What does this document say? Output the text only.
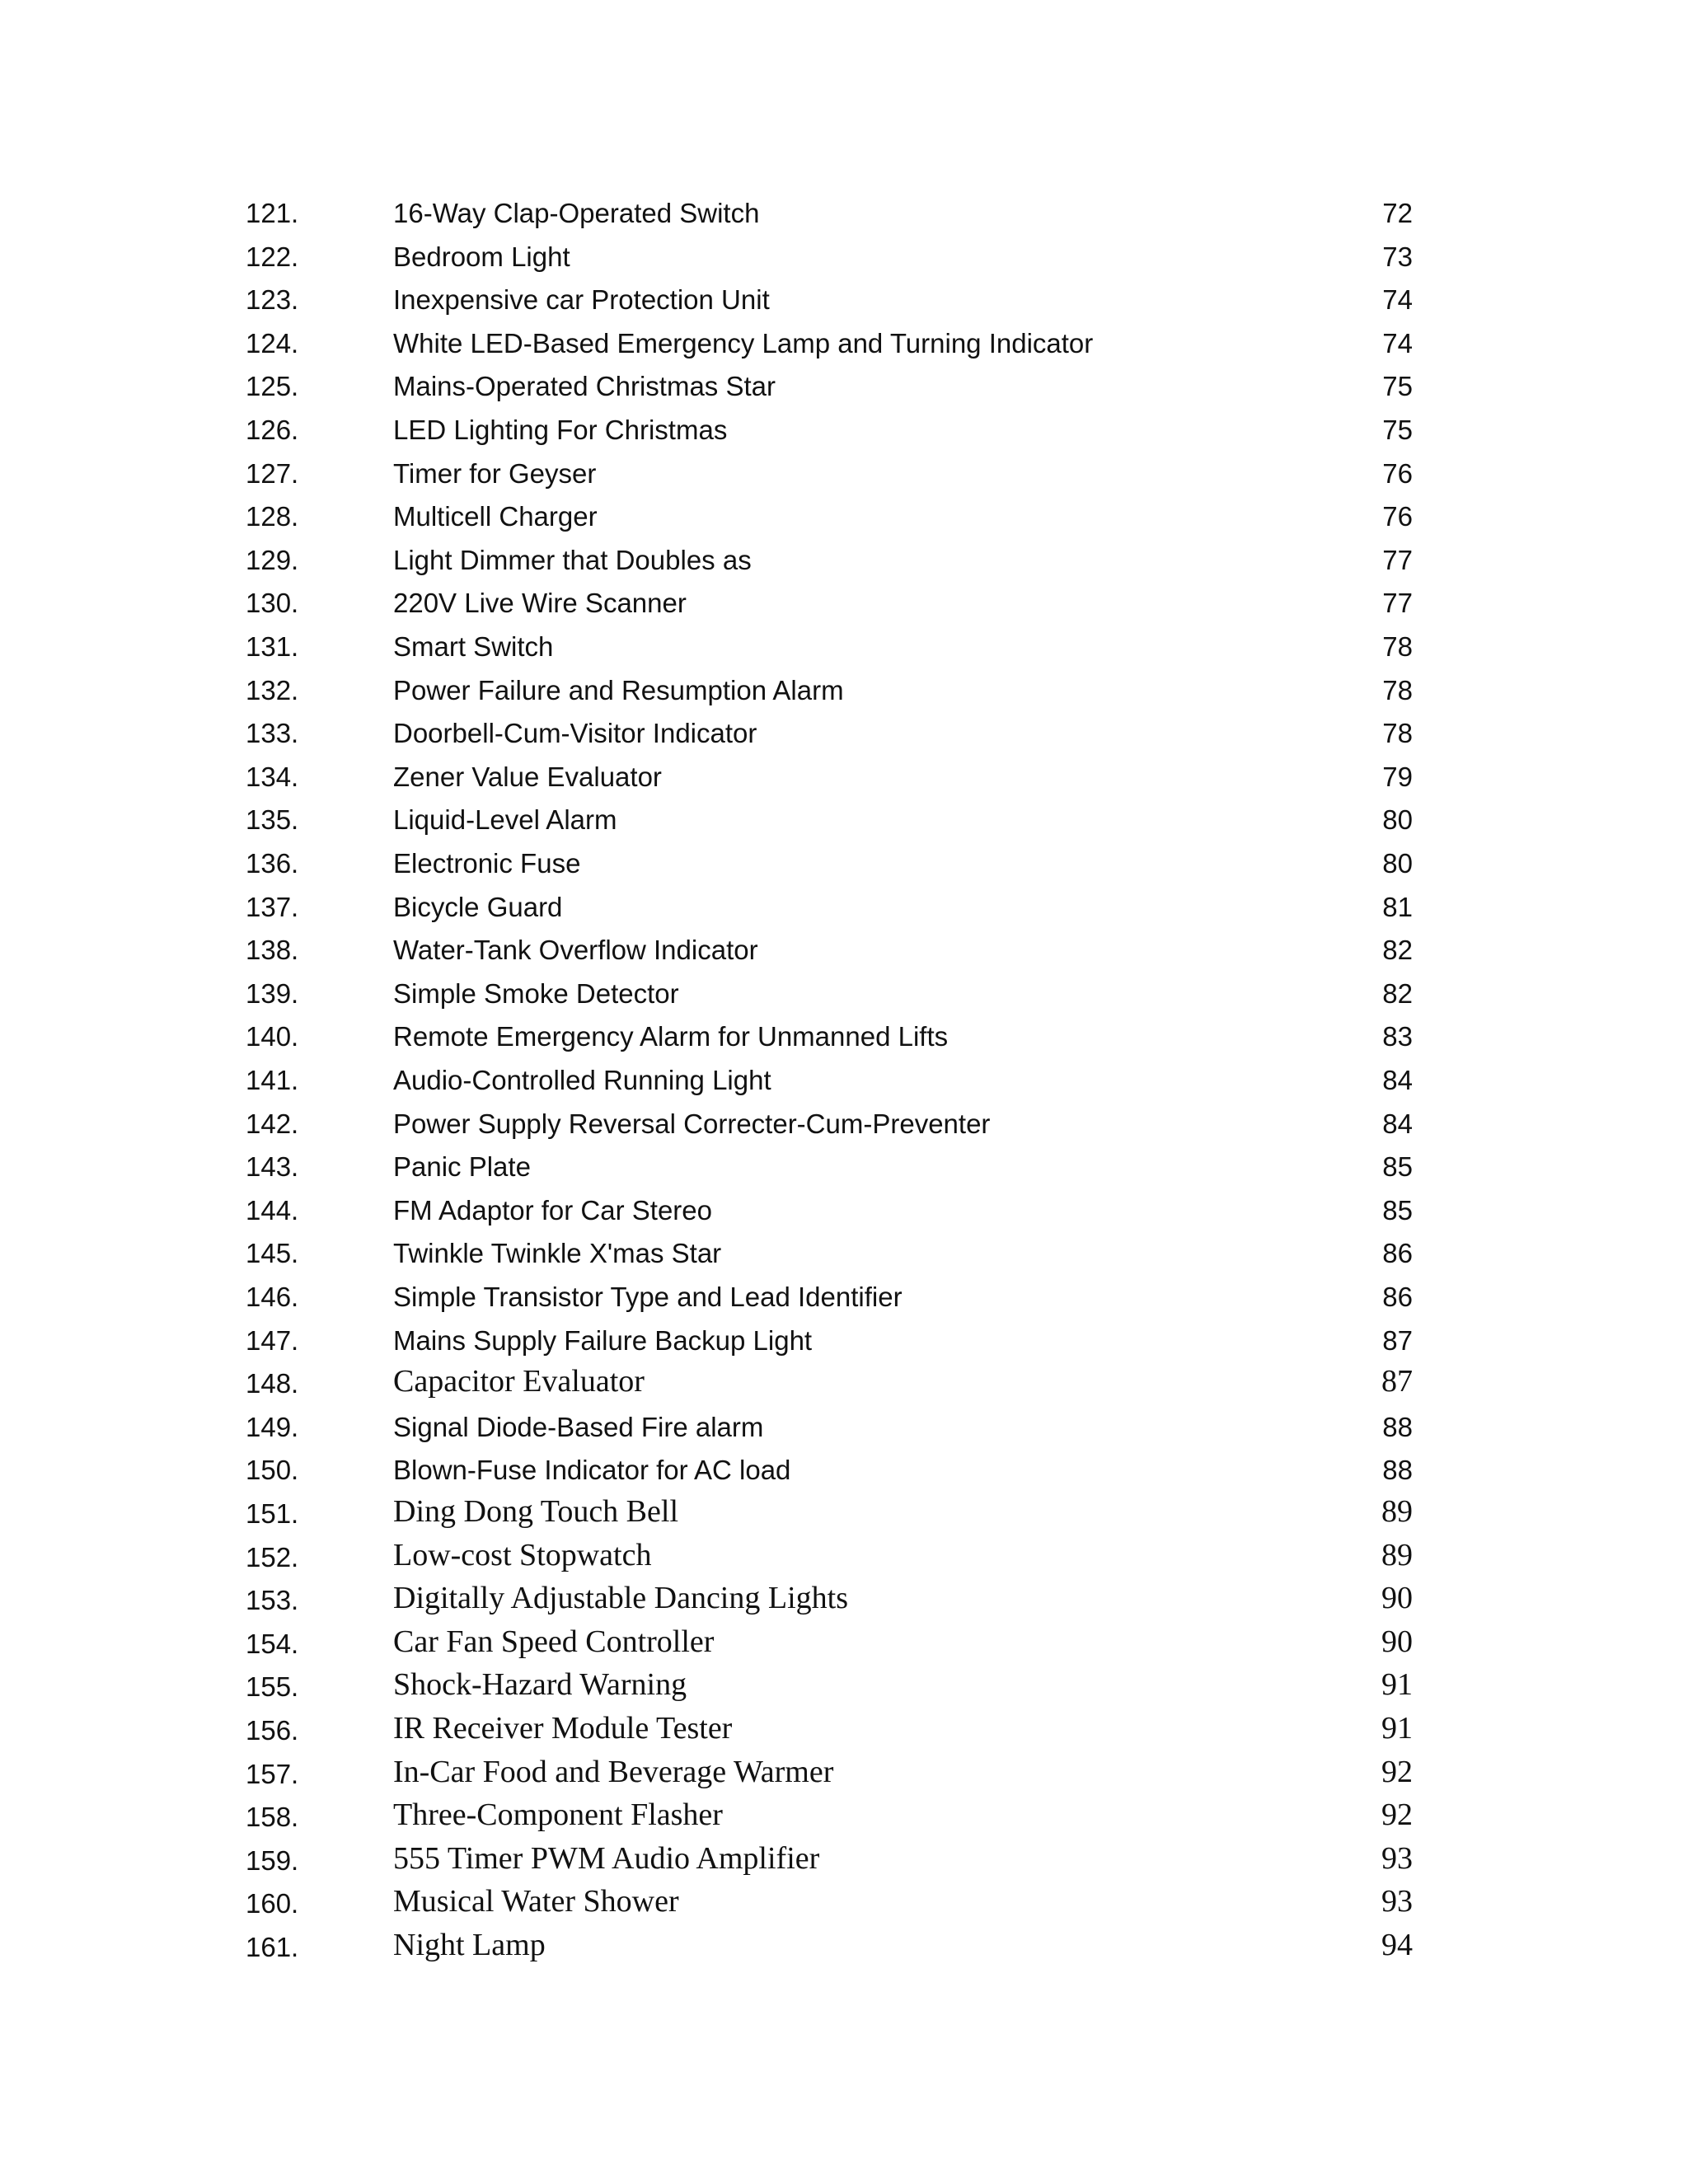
121.	16-Way Clap-Operated Switch	72
122.	Bedroom Light	73
123.	Inexpensive car Protection Unit	74
124.	White LED-Based Emergency Lamp and Turning Indicator	74
125.	Mains-Operated Christmas Star	75
126.	LED Lighting For Christmas	75
127.	Timer for Geyser	76
128.	Multicell Charger	76
129.	Light Dimmer that Doubles as	77
130.	220V Live Wire Scanner	77
131.	Smart Switch	78
132.	Power Failure and Resumption Alarm	78
133.	Doorbell-Cum-Visitor Indicator	78
134.	Zener Value Evaluator	79
135.	Liquid-Level Alarm	80
136.	Electronic Fuse	80
137.	Bicycle Guard	81
138.	Water-Tank Overflow Indicator	82
139.	Simple Smoke Detector	82
140.	Remote Emergency Alarm for Unmanned Lifts	83
141.	Audio-Controlled Running Light	84
142.	Power Supply Reversal Correcter-Cum-Preventer	84
143.	Panic Plate	85
144.	FM Adaptor for Car Stereo	85
145.	Twinkle Twinkle X'mas Star	86
146.	Simple Transistor Type and Lead Identifier	86
147.	Mains Supply Failure Backup Light	87
148.	Capacitor Evaluator	87
149.	Signal Diode-Based Fire alarm	88
150.	Blown-Fuse Indicator for AC load	88
151.	Ding Dong Touch Bell	89
152.	Low-cost Stopwatch	89
153.	Digitally Adjustable Dancing Lights	90
154.	Car Fan Speed Controller	90
155.	Shock-Hazard Warning	91
156.	IR Receiver Module Tester	91
157.	In-Car Food and Beverage Warmer	92
158.	Three-Component Flasher	92
159.	555 Timer PWM Audio Amplifier	93
160.	Musical Water Shower	93
161.	Night Lamp	94
